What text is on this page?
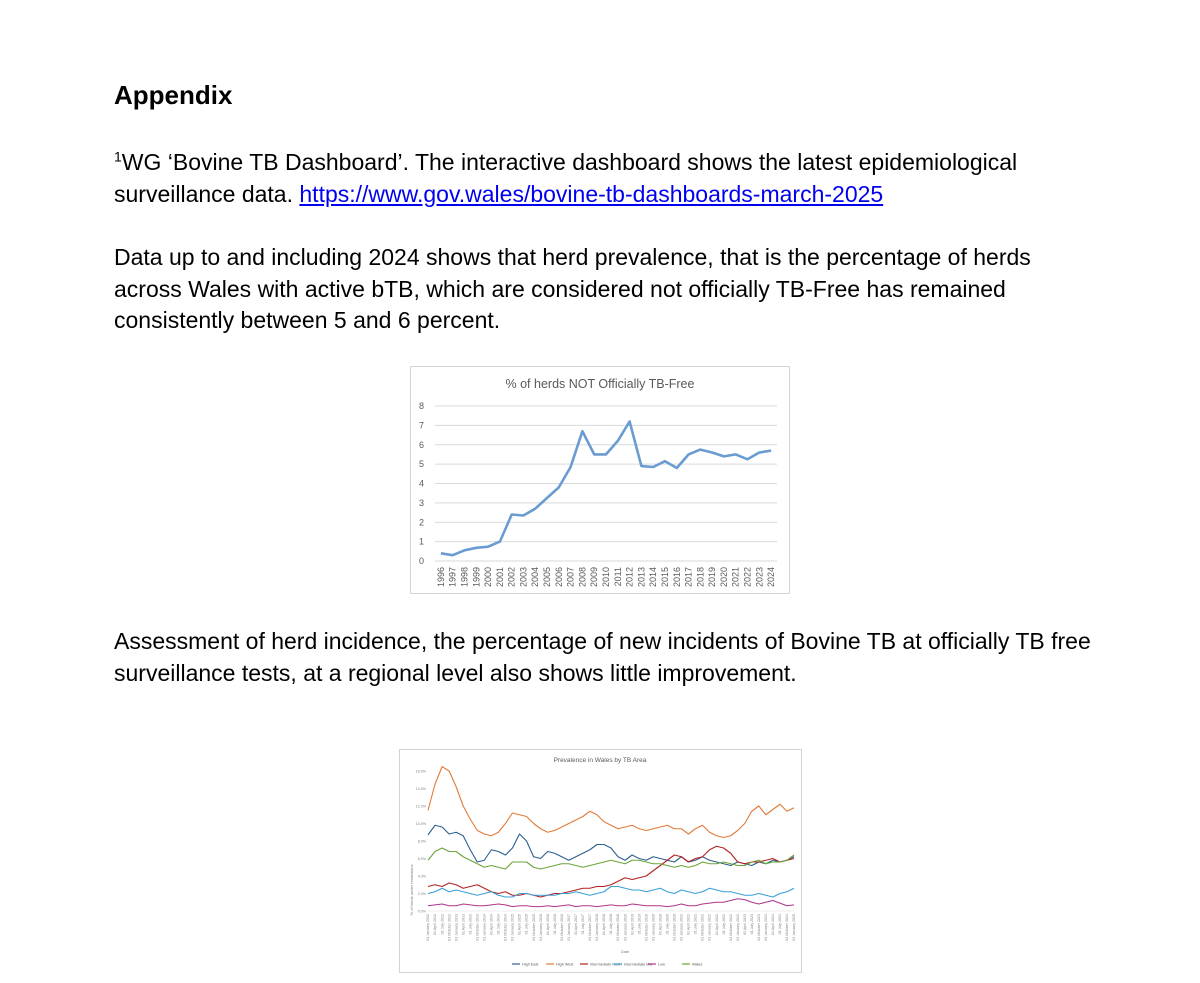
Appendix
$^1$WG ‘Bovine TB Dashboard’. The interactive dashboard shows the latest epidemiological surveillance data. https://www.gov.wales/bovine-tb-dashboards-march-2025
Data up to and including 2024 shows that herd prevalence, that is the percentage of herds across Wales with active bTB, which are considered not officially TB-Free has remained consistently between 5 and 6 percent.
% of herds NOT Officially TB-Free
0
1
2
3
4
5
6
7
8
1996 1997 1998 1999 2000 2001 2002 2003 2004 2005 2006 2007 2008 2009 2010 2011 2012 2013 2014 2015 2016 2017 2018 2019 2020 2021 2022 2023 2024
Assessment of herd incidence, the percentage of new incidents of Bovine TB at officially TB free surveillance tests, at a regional level also shows little improvement.
Prevalence in Wales by TB Area
% of herds under restrictions
Date
0.0%
2.0%
4.0%
6.0%
8.0%
10.0%
12.0%
14.0%
16.0%
01 January 2012 01 April 2012 01 July 2012 01 October 2012 01 January 2013 01 April 2013 01 July 2013 01 October 2013 01 January 2014 01 April 2014 01 July 2014 01 October 2014 01 January 2015 01 April 2015 01 July 2015 01 October 2015 01 January 2016 01 April 2016 01 July 2016 01 October 2016 01 January 2017 01 April 2017 01 July 2017 01 October 2017 01 January 2018 01 April 2018 01 July 2018 01 October 2018 01 January 2019 01 April 2019 01 July 2019 01 October 2019 01 January 2020 01 April 2020 01 July 2020 01 October 2020 01 January 2021 01 April 2021 01 July 2021 01 October 2021 01 January 2022 01 April 2022 01 July 2022 01 October 2022 01 January 2023 01 April 2023 01 July 2023 01 October 2023 01 January 2024 01 April 2024 01 July 2024 01 October 2024 01 January 2025
High East	High West	Intermediate North Intermediate Mid Low	Wales
